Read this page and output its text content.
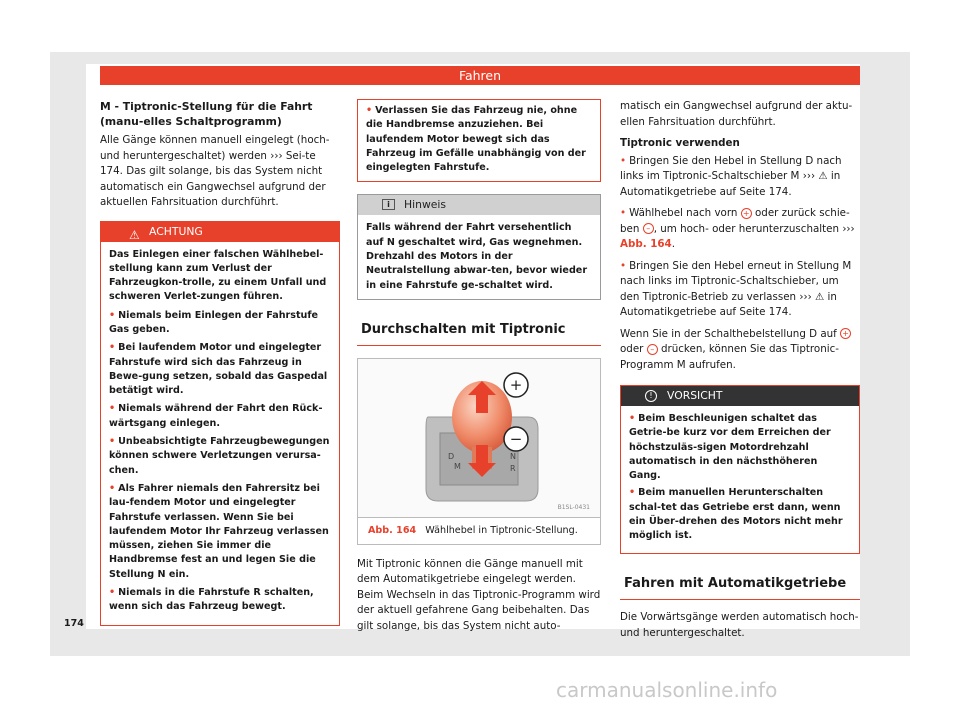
Fahren
M - Tiptronic-Stellung für die Fahrt (manu-elles Schaltprogramm)

Alle Gänge können manuell eingelegt (hoch- und heruntergeschaltet) werden ››› Sei-te 174. Das gilt solange, bis das System nicht automatisch ein Gangwechsel aufgrund der aktuellen Fahrsituation durchführt.

⚠ ACHTUNG

Das Einlegen einer falschen Wählhebel-stellung kann zum Verlust der Fahrzeugkon-trolle, zu einem Unfall und schweren Verlet-zungen führen.

• Niemals beim Einlegen der Fahrstufe Gas geben.

• Bei laufendem Motor und eingelegter Fahrstufe wird sich das Fahrzeug in Bewe-gung setzen, sobald das Gaspedal betätigt wird.

• Niemals während der Fahrt den Rück-wärtsgang einlegen.

• Unbeabsichtigte Fahrzeugbewegungen können schwere Verletzungen verursa-chen.

• Als Fahrer niemals den Fahrersitz bei lau-fendem Motor und eingelegter Fahrstufe verlassen. Wenn Sie bei laufendem Motor Ihr Fahrzeug verlassen müssen, ziehen Sie immer die Handbremse fest an und legen Sie die Stellung N ein.

• Niemals in die Fahrstufe R schalten, wenn sich das Fahrzeug bewegt.

• Verlassen Sie das Fahrzeug nie, ohne die Handbremse anzuziehen. Bei laufendem Motor bewegt sich das Fahrzeug im Gefälle unabhängig von der eingelegten Fahrstufe.
i	Hinweis
Falls während der Fahrt versehentlich auf N geschaltet wird, Gas wegnehmen. Drehzahl des Motors in der Neutralstellung abwar-ten, bevor wieder in eine Fahrstufe ge-schaltet wird.
Durchschalten mit Tiptronic
D
M
N
R
+
−
B1SL-0431
Abb. 164 Wählhebel in Tiptronic-Stellung.

Mit Tiptronic können die Gänge manuell mit dem Automatikgetriebe eingelegt werden. Beim Wechseln in das Tiptronic-Programm wird der aktuell gefahrene Gang beibehalten. Das gilt solange, bis das System nicht auto-

matisch ein Gangwechsel aufgrund der aktu-ellen Fahrsituation durchführt.

Tiptronic verwenden

• Bringen Sie den Hebel in Stellung D nach links im Tiptronic-Schaltschieber M ››› ⚠ in Automatikgetriebe auf Seite 174.

• Wählhebel nach vorn + oder zurück schie-ben – , um hoch- oder herunterzuschalten ››› Abb. 164.

• Bringen Sie den Hebel erneut in Stellung M nach links im Tiptronic-Schaltschieber, um den Tiptronic-Betrieb zu verlassen ››› ⚠ in Automatikgetriebe auf Seite 174.

Wenn Sie in der Schalthebelstellung D auf + oder – drücken, können Sie das Tiptronic-Programm M aufrufen.

!	VORSICHT

• Beim Beschleunigen schaltet das Getrie-be kurz vor dem Erreichen der höchstzuläs-sigen Motordrehzahl automatisch in den nächsthöheren Gang.

• Beim manuellen Herunterschalten schal-tet das Getriebe erst dann, wenn ein Über-drehen des Motors nicht mehr möglich ist.

Fahren mit Automatikgetriebe

Die Vorwärtsgänge werden automatisch hoch- und heruntergeschaltet.

174
carmanualsonline.info
